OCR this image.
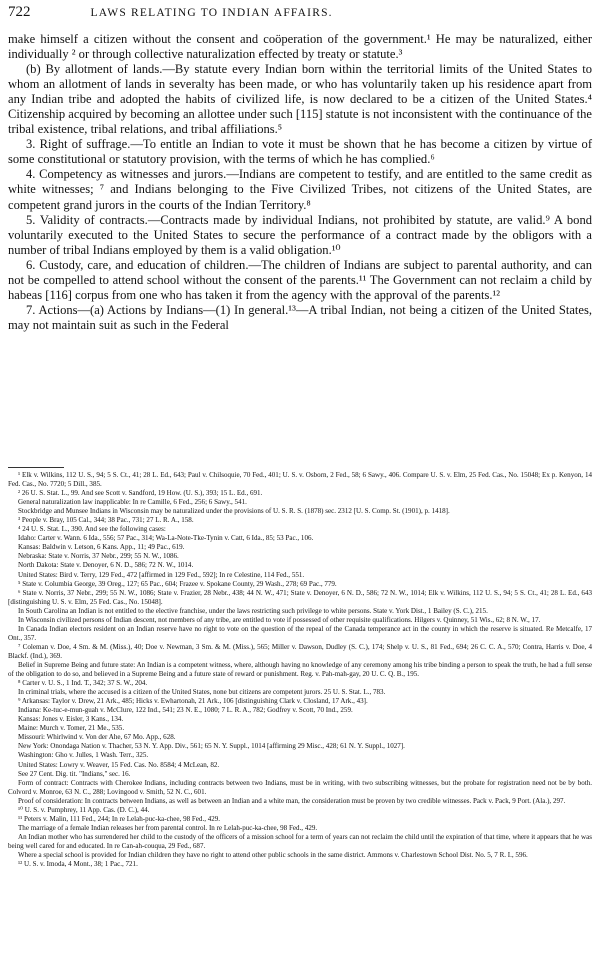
722	LAWS RELATING TO INDIAN AFFAIRS.

make himself a citizen without the consent and coöperation of the government.¹ He may be naturalized, either individually ² or through collective naturalization effected by treaty or statute.³

(b) By allotment of lands.—By statute every Indian born within the territorial limits of the United States to whom an allotment of lands in severalty has been made, or who has voluntarily taken up his residence apart from any Indian tribe and adopted the habits of civilized life, is now declared to be a citizen of the United States.⁴ Citizenship acquired by becoming an allottee under such [115] statute is not inconsistent with the continuance of the tribal existence, tribal relations, and tribal affiliations.⁵

3. Right of suffrage.—To entitle an Indian to vote it must be shown that he has become a citizen by virtue of some constitutional or statutory provision, with the terms of which he has complied.⁶

4. Competency as witnesses and jurors.—Indians are competent to testify, and are entitled to the same credit as white witnesses; ⁷ and Indians belonging to the Five Civilized Tribes, not citizens of the United States, are competent grand jurors in the courts of the Indian Territory.⁸

5. Validity of contracts.—Contracts made by individual Indians, not prohibited by statute, are valid.⁹ A bond voluntarily executed to the United States to secure the performance of a contract made by the obligors with a number of tribal Indians employed by them is a valid obligation.¹⁰

6. Custody, care, and education of children.—The children of Indians are subject to parental authority, and can not be compelled to attend school without the consent of the parents.¹¹ The Government can not reclaim a child by habeas [116] corpus from one who has taken it from the agency with the approval of the parents.¹²

7. Actions—(a) Actions by Indians—(1) In general.¹³—A tribal Indian, not being a citizen of the United States, may not maintain suit as such in the Federal

¹ Elk v. Wilkins, 112 U. S., 94; 5 S. Ct., 41; 28 L. Ed., 643; Paul v. Chilsoquie, 70 Fed., 401; U. S. v. Osborn, 2 Fed., 58; 6 Sawy., 406. Compare U. S. v. Elm, 25 Fed. Cas., No. 15048; Ex p. Kenyon, 14 Fed. Cas., No. 7720; 5 Dill., 385.

² 26 U. S. Stat. L., 99. And see Scott v. Sandford, 19 How. (U. S.), 393; 15 L. Ed., 691.

General naturalization law inapplicable: In re Camille, 6 Fed., 256; 6 Sawy., 541.

Stockbridge and Munsee Indians in Wisconsin may be naturalized under the provisions of U. S. R. S. (1878) sec. 2312 [U. S. Comp. St. (1901), p. 1418].

³ People v. Bray, 105 Cal., 344; 38 Pac., 731; 27 L. R. A., 158.

⁴ 24 U. S. Stat. L., 390. And see the following cases:

Idaho: Carter v. Wann. 6 Ida., 556; 57 Pac., 314; Wa-La-Note-Tke-Tynin v. Catt, 6 Ida., 85; 53 Pac., 106.

Kansas: Baldwin v. Letson, 6 Kans. App., 11; 49 Pac., 619.

Nebraska: State v. Norris, 37 Nebr., 299; 55 N. W., 1086.

North Dakota: State v. Denoyer, 6 N. D., 586; 72 N. W., 1014.

United States: Bird v. Terry, 129 Fed., 472 [affirmed in 129 Fed., 592]; In re Celestine, 114 Fed., 551.

⁵ State v. Columbia George, 39 Oreg., 127; 65 Pac., 604; Frazee v. Spokane County, 29 Wash., 278; 69 Pac., 779.

⁶ State v. Norris, 37 Nebr., 299; 55 N. W., 1086; State v. Frazier, 28 Nebr., 438; 44 N. W., 471; State v. Denoyer, 6 N. D., 586; 72 N. W., 1014; Elk v. Wilkins, 112 U. S., 94; 5 S. Ct., 41; 28 L. Ed., 643 [distinguishing U. S. v. Elm, 25 Fed. Cas., No. 15048].

In South Carolina an Indian is not entitled to the elective franchise, under the laws restricting such privilege to white persons. State v. York Dist., 1 Bailey (S. C.), 215.

In Wisconsin civilized persons of Indian descent, not members of any tribe, are entitled to vote if possessed of other requisite qualifications. Hilgers v. Quinney, 51 Wis., 62; 8 N. W., 17.

In Canada Indian electors resident on an Indian reserve have no right to vote on the question of the repeal of the Canada temperance act in the county in which the reserve is situated. Re Metcalfe, 17 Ont., 357.

⁷ Coleman v. Doe, 4 Sm. & M. (Miss.), 40; Doe v. Newman, 3 Sm. & M. (Miss.), 565; Miller v. Dawson, Dudley (S. C.), 174; Shelp v. U. S., 81 Fed., 694; 26 C. C. A., 570; Contra, Harris v. Doe, 4 Blackf. (Ind.), 369.

Belief in Supreme Being and future state: An Indian is a competent witness, where, although having no knowledge of any ceremony among his tribe binding a person to speak the truth, he had a full sense of the obligation to do so, and believed in a Supreme Being and a future state of reward or punishment. Reg. v. Pah-mah-gay, 20 U. C. Q. B., 195.

⁸ Carter v. U. S., 1 Ind. T., 342; 37 S. W., 204.

In criminal trials, where the accused is a citizen of the United States, none but citizens are competent jurors. 25 U. S. Stat. L., 783.

⁹ Arkansas: Taylor v. Drew, 21 Ark., 485; Hicks v. Ewhartonah, 21 Ark., 106 [distinguishing Clark v. Closland, 17 Ark., 43].

Indiana: Ke-tuc-e-mun-guah v. McClure, 122 Ind., 541; 23 N. E., 1080; 7 L. R. A., 782; Godfrey v. Scott, 70 Ind., 259.

Kansas: Jones v. Eisler, 3 Kans., 134.

Maine: Murch v. Tomer, 21 Me., 535.

Missouri: Whirlwind v. Von der Ahe, 67 Mo. App., 628.

New York: Onondaga Nation v. Thacher, 53 N. Y. App. Div., 561; 65 N. Y. Suppl., 1014 [affirming 29 Misc., 428; 61 N. Y. Suppl., 1027].

Washington: Gho v. Julles, 1 Wash. Terr., 325.

United States: Lowry v. Weaver, 15 Fed. Cas. No. 8584; 4 McLean, 82.

See 27 Cent. Dig. tit. "Indians," sec. 16.

Form of contract: Contracts with Cherokee Indians, including contracts between two Indians, must be in writing, with two subscribing witnesses, but the probate for registration need not be by both. Colvord v. Monroe, 63 N. C., 288; Lovingood v. Smith, 52 N. C., 601.

Proof of consideration: In contracts between Indians, as well as between an Indian and a white man, the consideration must be proven by two credible witnesses. Pack v. Pack, 9 Port. (Ala.), 297.

¹⁰ U. S. v. Pumphrey, 11 App. Cas. (D. C.), 44.

¹¹ Peters v. Malin, 111 Fed., 244; In re Lelah-puc-ka-chee, 98 Fed., 429.

The marriage of a female Indian releases her from parental control. In re Lelah-puc-ka-chee, 98 Fed., 429.

An Indian mother who has surrendered her child to the custody of the officers of a mission school for a term of years can not reclaim the child until the expiration of that time, where it appears that he was being well cared for and educated. In re Can-ah-couqua, 29 Fed., 687.

Where a special school is provided for Indian children they have no right to attend other public schools in the same district. Ammons v. Charlestown School Dist. No. 5, 7 R. I., 596.

¹² U. S. v. Imoda, 4 Mont., 38; 1 Pac., 721.
